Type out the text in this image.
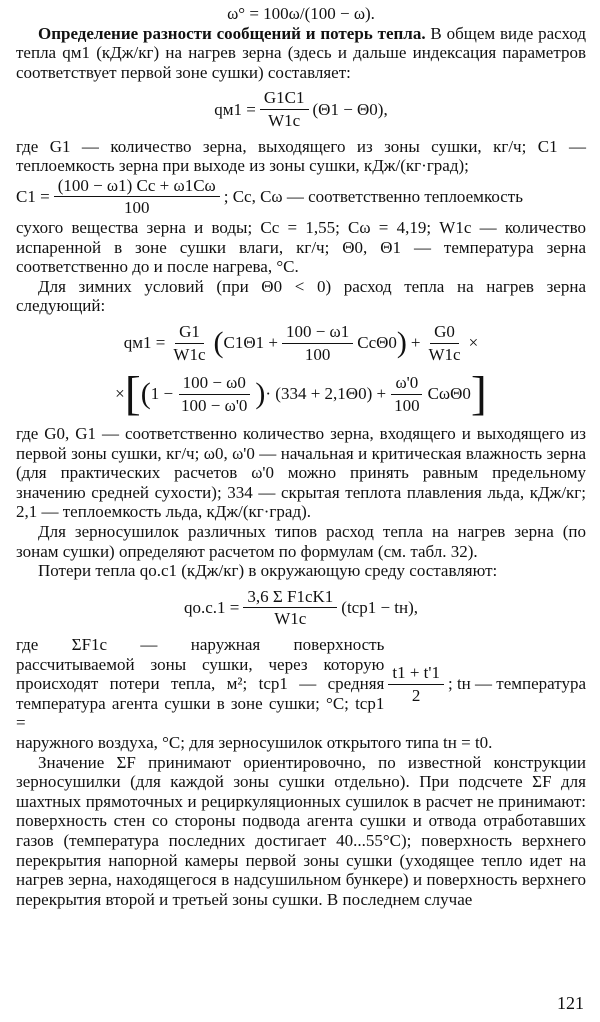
ω° = 100ω/(100 − ω).

Определение разности сообщений и потерь тепла. В общем виде расход тепла qм1 (кДж/кг) на нагрев зерна (здесь и дальше индексация параметров соответствует первой зоне сушки) составляет:

$qм1 = \frac{G1C1}{W1c} (\Theta 1 - \Theta 0)$,

где G1 — количество зерна, выходящего из зоны сушки, кг/ч; C1 — теплоемкость зерна при выходе из зоны сушки, кДж/(кг·град);

$C1 = \frac{(100 - \omega 1) Cc + \omega 1C\omega}{100}$ ; Cc, Cω — соответственно теплоемкость

сухого вещества зерна и воды; Cc = 1,55; Cω = 4,19; W1c — количество испаренной в зоне сушки влаги, кг/ч; Θ0, Θ1 — температура зерна соответственно до и после нагрева, °С.

Для зимних условий (при Θ0 < 0) расход тепла на нагрев зерна следующий:

$qм1 = \frac{G1}{W1c}$ ( $C1\Theta 1 + \frac{100 - \omega 1}{100} Cc\Theta 0$ ) + $\frac{G0}{W1c}$ ×
× [ ( $1 - \frac{100 - \omega 0}{100 - \omega'0}$ ) · $(334 + 2,1\Theta 0) + \frac{\omega'0}{100} C\omega\Theta 0$ ]

где G0, G1 — соответственно количество зерна, входящего и выходящего из первой зоны сушки, кг/ч; ω0, ω'0 — начальная и критическая влажность зерна (для практических расчетов ω'0 можно принять равным предельному значению средней сухости); 334 — скрытая теплота плавления льда, кДж/кг; 2,1 — теплоемкость льда, кДж/(кг·град).

Для зерносушилок различных типов расход тепла на нагрев зерна (по зонам сушки) определяют расчетом по формулам (см. табл. 32).

Потери тепла qо.с1 (кДж/кг) в окружающую среду составляют:

$qо.с.1 = \frac{\text{3,6 Σ F1cK1}}{W1c} (tср1 - tн)$,

где ΣF1c — наружная поверхность рассчитываемой зоны сушки, через которую происходят потери тепла, м²; tср1 — средняя температура агента сушки в зоне сушки; °С; tср1 =

$\frac{t1 + t'1}{2}$ ; tн — температура

наружного воздуха, °С; для зерносушилок открытого типа tн = t0.

Значение ΣF принимают ориентировочно, по известной конструкции зерносушилки (для каждой зоны сушки отдельно). При подсчете ΣF для шахтных прямоточных и рециркуляционных сушилок в расчет не принимают: поверхность стен со стороны подвода агента сушки и отвода отработавших газов (температура последних достигает 40...55°С); поверхность верхнего перекрытия напорной камеры первой зоны сушки (уходящее тепло идет на нагрев зерна, находящегося в надсушильном бункере) и поверхность верхнего перекрытия второй и третьей зоны сушки. В последнем случае

121
